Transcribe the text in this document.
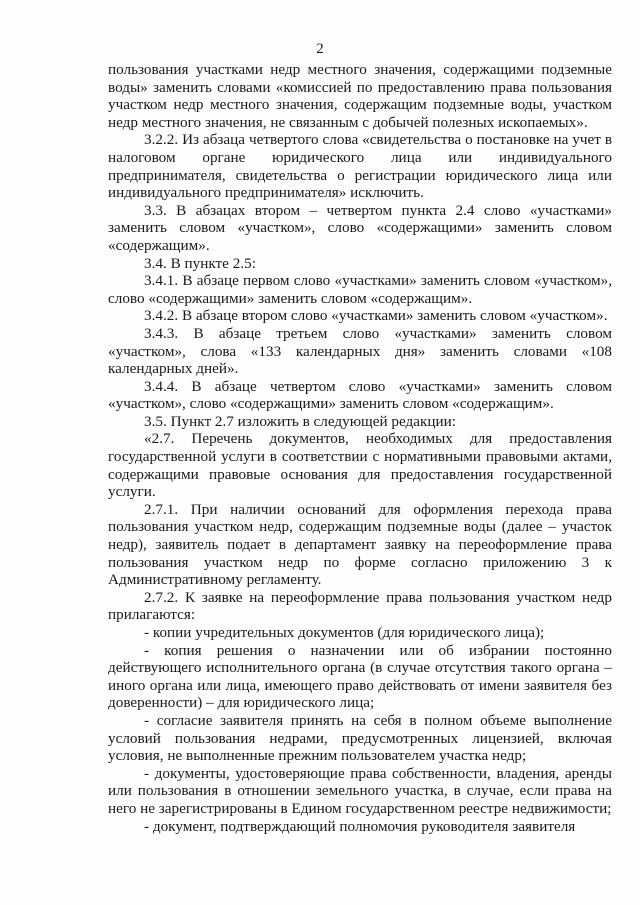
2

пользования участками недр местного значения, содержащими подземные воды» заменить словами «комиссией по предоставлению права пользования участком недр местного значения, содержащим подземные воды, участком недр местного значения, не связанным с добычей полезных ископаемых».

3.2.2. Из абзаца четвертого слова «свидетельства о постановке на учет в налоговом органе юридического лица или индивидуального предпринимателя, свидетельства о регистрации юридического лица или индивидуального предпринимателя» исключить.

3.3. В абзацах втором – четвертом пункта 2.4 слово «участками» заменить словом «участком», слово «содержащими» заменить словом «содержащим».

3.4. В пункте 2.5:

3.4.1. В абзаце первом слово «участками» заменить словом «участком», слово «содержащими» заменить словом «содержащим».

3.4.2. В абзаце втором слово «участками» заменить словом «участком».

3.4.3. В абзаце третьем слово «участками» заменить словом «участком», слова «133 календарных дня» заменить словами «108 календарных дней».

3.4.4. В абзаце четвертом слово «участками» заменить словом «участком», слово «содержащими» заменить словом «содержащим».

3.5. Пункт 2.7 изложить в следующей редакции:

«2.7. Перечень документов, необходимых для предоставления государственной услуги в соответствии с нормативными правовыми актами, содержащими правовые основания для предоставления государственной услуги.

2.7.1. При наличии оснований для оформления перехода права пользования участком недр, содержащим подземные воды (далее – участок недр), заявитель подает в департамент заявку на переоформление права пользования участком недр по форме согласно приложению 3 к Административному регламенту.

2.7.2. К заявке на переоформление права пользования участком недр прилагаются:

- копии учредительных документов (для юридического лица);

- копия решения о назначении или об избрании постоянно действующего исполнительного органа (в случае отсутствия такого органа – иного органа или лица, имеющего право действовать от имени заявителя без доверенности) – для юридического лица;

- согласие заявителя принять на себя в полном объеме выполнение условий пользования недрами, предусмотренных лицензией, включая условия, не выполненные прежним пользователем участка недр;

- документы, удостоверяющие права собственности, владения, аренды или пользования в отношении земельного участка, в случае, если права на него не зарегистрированы в Едином государственном реестре недвижимости;

- документ, подтверждающий полномочия руководителя заявителя
